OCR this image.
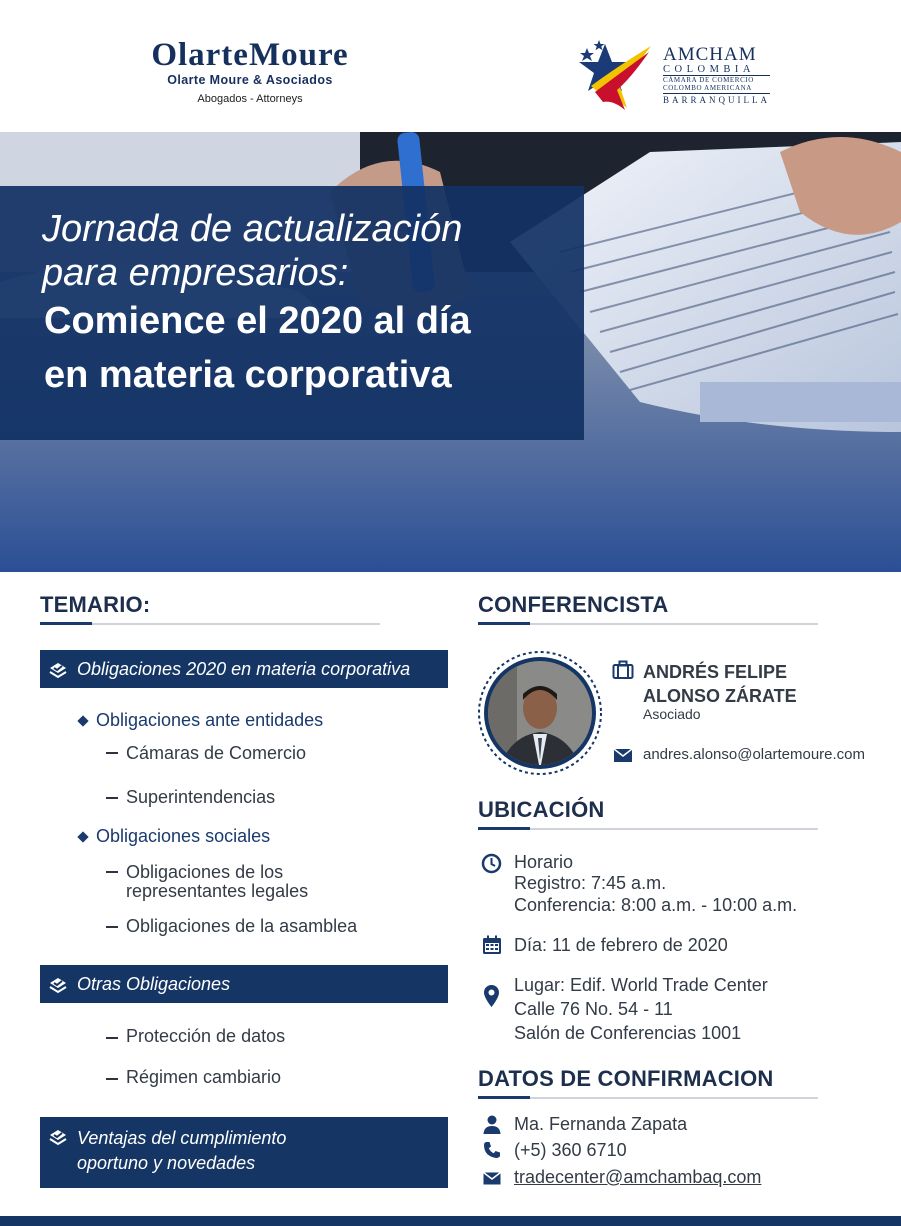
OlarteMoure
Olarte Moure & Asociados
Abogados - Attorneys
AMCHAM
COLOMBIA
CÁMARA DE COMERCIO
COLOMBO AMERICANA
BARRANQUILLA
Jornada de actualización
para empresarios:
Comience el 2020 al día
en materia corporativa
TEMARIO:
Obligaciones 2020 en materia corporativa
Obligaciones ante entidades
Cámaras de Comercio
Superintendencias
Obligaciones sociales
Obligaciones de los
representantes legales
Obligaciones de la asamblea
Otras Obligaciones
Protección de datos
Régimen cambiario
Ventajas del cumplimiento
oportuno y novedades
CONFERENCISTA
ANDRÉS FELIPE
ALONSO ZÁRATE
Asociado
andres.alonso@olartemoure.com
UBICACIÓN
Horario
Registro: 7:45 a.m.
Conferencia: 8:00 a.m. - 10:00 a.m.
Día: 11 de febrero de 2020
Lugar: Edif. World Trade Center
Calle 76 No. 54 - 11
Salón de Conferencias 1001
DATOS DE CONFIRMACION
Ma. Fernanda Zapata
(+5) 360 6710
tradecenter@amchambaq.com
